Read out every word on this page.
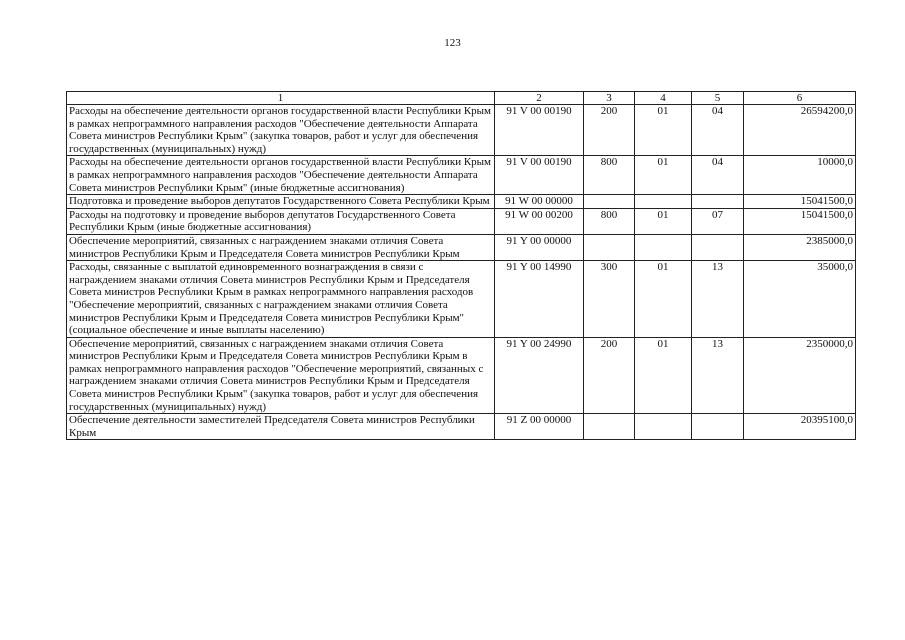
123
1	2	3	4	5	6
Расходы на обеспечение деятельности органов государственной власти Республики Крым в рамках непрограммного направления расходов "Обеспечение деятельности Аппарата Совета министров Республики Крым" (закупка товаров, работ и услуг для обеспечения государственных (муниципальных) нужд)	91 V 00 00190	200	01	04	26594200,0
Расходы на обеспечение деятельности органов государственной власти Республики Крым в рамках непрограммного направления расходов "Обеспечение деятельности Аппарата Совета министров Республики Крым" (иные бюджетные ассигнования)	91 V 00 00190	800	01	04	10000,0
Подготовка и проведение выборов депутатов Государственного Совета Республики Крым	91 W 00 00000				15041500,0
Расходы на подготовку и проведение выборов депутатов Государственного Совета Республики Крым (иные бюджетные ассигнования)	91 W 00 00200	800	01	07	15041500,0
Обеспечение мероприятий, связанных с награждением знаками отличия Совета министров Республики Крым и Председателя Совета министров Республики Крым	91 Y 00 00000				2385000,0
Расходы, связанные с выплатой единовременного вознаграждения в связи с награждением знаками отличия Совета министров Республики Крым и Председателя Совета министров Республики Крым в рамках непрограммного направления расходов "Обеспечение мероприятий, связанных с награждением знаками отличия Совета министров Республики Крым и Председателя Совета министров Республики Крым" (социальное обеспечение и иные выплаты населению)	91 Y 00 14990	300	01	13	35000,0
Обеспечение мероприятий, связанных с награждением знаками отличия Совета министров Республики Крым и Председателя Совета министров Республики Крым в рамках непрограммного направления расходов "Обеспечение мероприятий, связанных с награждением знаками отличия Совета министров Республики Крым и Председателя Совета министров Республики Крым" (закупка товаров, работ и услуг для обеспечения государственных (муниципальных) нужд)	91 Y 00 24990	200	01	13	2350000,0
Обеспечение деятельности заместителей Председателя Совета министров Республики Крым	91 Z 00 00000				20395100,0
